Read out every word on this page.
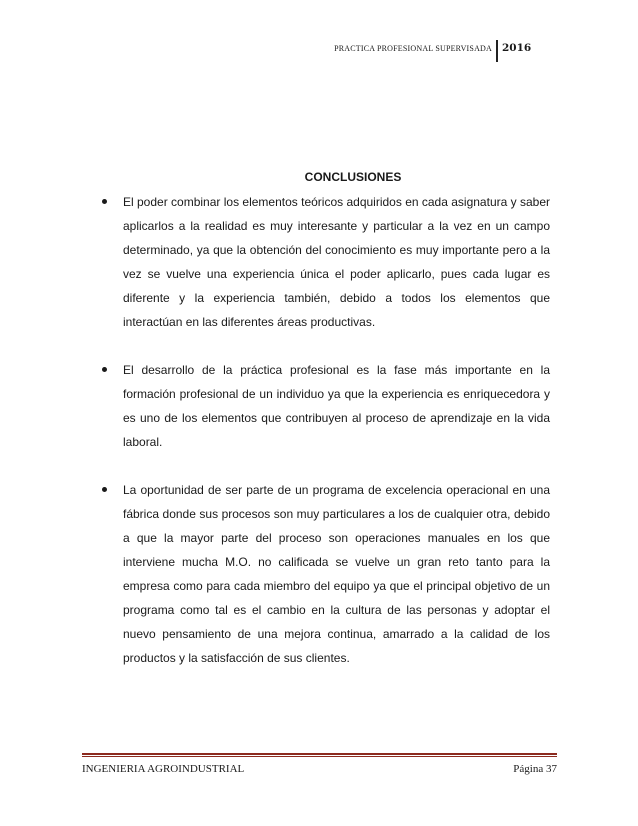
PRACTICA PROFESIONAL SUPERVISADA 2016
CONCLUSIONES
El poder combinar los elementos teóricos adquiridos en cada asignatura y saber aplicarlos a la realidad es muy interesante y particular a la vez en un campo determinado, ya que la obtención del conocimiento es muy importante pero a la vez se vuelve una experiencia única el poder aplicarlo, pues cada lugar es diferente y la experiencia también, debido a todos los elementos que interactúan en las diferentes áreas productivas.
El desarrollo de la práctica profesional es la fase más importante en la formación profesional de un individuo ya que la experiencia es enriquecedora y es uno de los elementos que contribuyen al proceso de aprendizaje en la vida laboral.
La oportunidad de ser parte de un programa de excelencia operacional en una fábrica donde sus procesos son muy particulares a los de cualquier otra, debido a que la mayor parte del proceso son operaciones manuales en los que interviene mucha M.O. no calificada se vuelve un gran reto tanto para la empresa como para cada miembro del equipo ya que el principal objetivo de un programa como tal es el cambio en la cultura de las personas y adoptar el nuevo pensamiento de una mejora continua, amarrado a la calidad de los productos y la satisfacción de sus clientes.
INGENIERIA AGROINDUSTRIAL	Página 37
